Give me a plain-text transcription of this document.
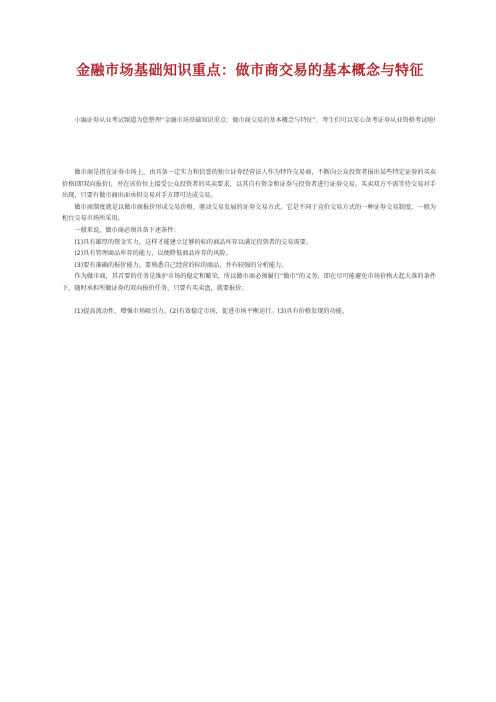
金融市场基础知识重点：做市商交易的基本概念与特征

小编证券从业考试频道为您整理“金融市场基础知识重点：做市商交易的基本概念与特征”，考生们可以安心备考证券从业资格考试啦!

做市商是指在证券市场上，由具备一定实力和信誉的独立证券经营法人作为特许交易商，不断向公众投资者报出某些特定证券的买卖价格(即双向报价)，并在该价位上接受公众投资者的买卖要求，以其自有资金和证券与投资者进行证券交易。买卖双方不需等待交易对手出现，只要有做市商出面承担交易对手方即可达成交易。

做市商制度就是以做市商报价形成交易价格、驱动交易发展的证券交易方式。它是不同于竞价交易方式的一种证券交易制度，一般为柜台交易市场所采用。

一般来说，做市商必须具备下述条件：

(1)具有雄厚的资金实力，这样才能建立足够的标的商品库存以满足投资者的交易需要。

(2)具有管理商品库存的能力，以便降低商品库存的风险。

(3)要有准确的报价能力，要熟悉自己经营的标的商品，并有较强的分析能力。

作为做市商，其首要的任务是维护市场的稳定和繁荣，所以做市商必须履行“做市”的义务，即在尽可能避免市场价格大起大落的条件下，随时承担所做证券的双向报价任务，只要有买卖盘，就要报价。

(1)提高流动性，增强市场吸引力。(2)有效稳定市场，促进市场平衡运行。(3)具有价格发现的功能。
